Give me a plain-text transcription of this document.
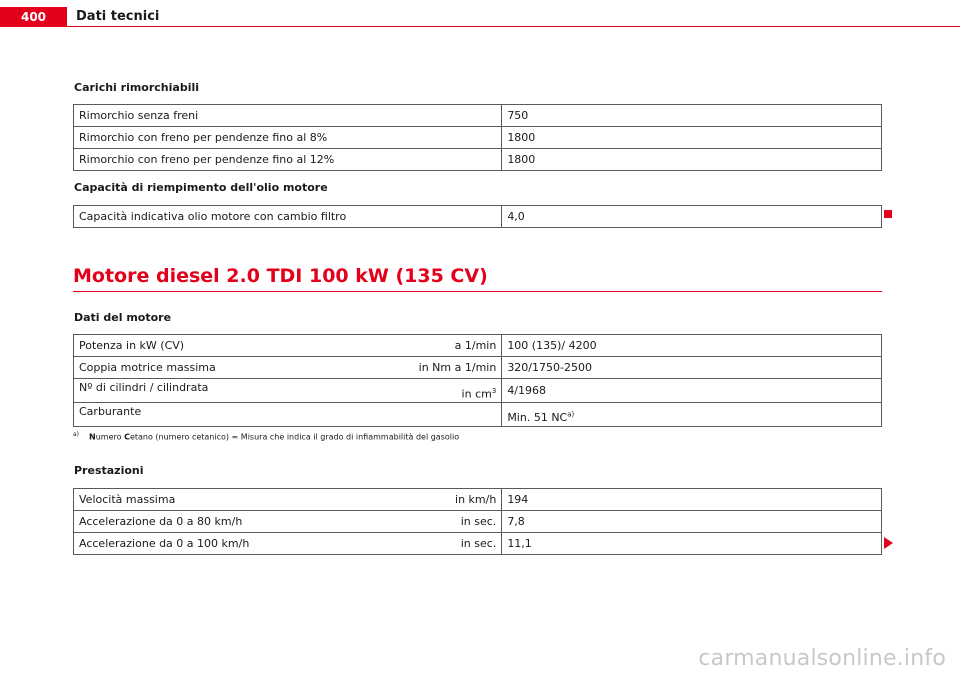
400	Dati tecnici
Carichi rimorchiabili
Rimorchio senza freni	750
Rimorchio con freno per pendenze fino al 8%	1800
Rimorchio con freno per pendenze fino al 12%	1800
Capacità di riempimento dell'olio motore
Capacità indicativa olio motore con cambio filtro	4,0
Motore diesel 2.0 TDI 100 kW (135 CV)
Dati del motore
Potenza in kW (CV) a 1/min	100 (135)/ 4200

Coppia motrice massima in Nm a 1/min	320/1750-2500

Nº di cilindri / cilindrata in $cm^3$	4/1968

Carburante	Min. 51 NC$^{a)}$
$^{a)}$ Numero Cetano (numero cetanico) = Misura che indica il grado di infiammabilità del gasolio
Prestazioni
Velocità massima in km/h	194

Accelerazione da 0 a 80 km/h in sec.	7,8

Accelerazione da 0 a 100 km/h in sec.	11,1
carmanualsonline.info
